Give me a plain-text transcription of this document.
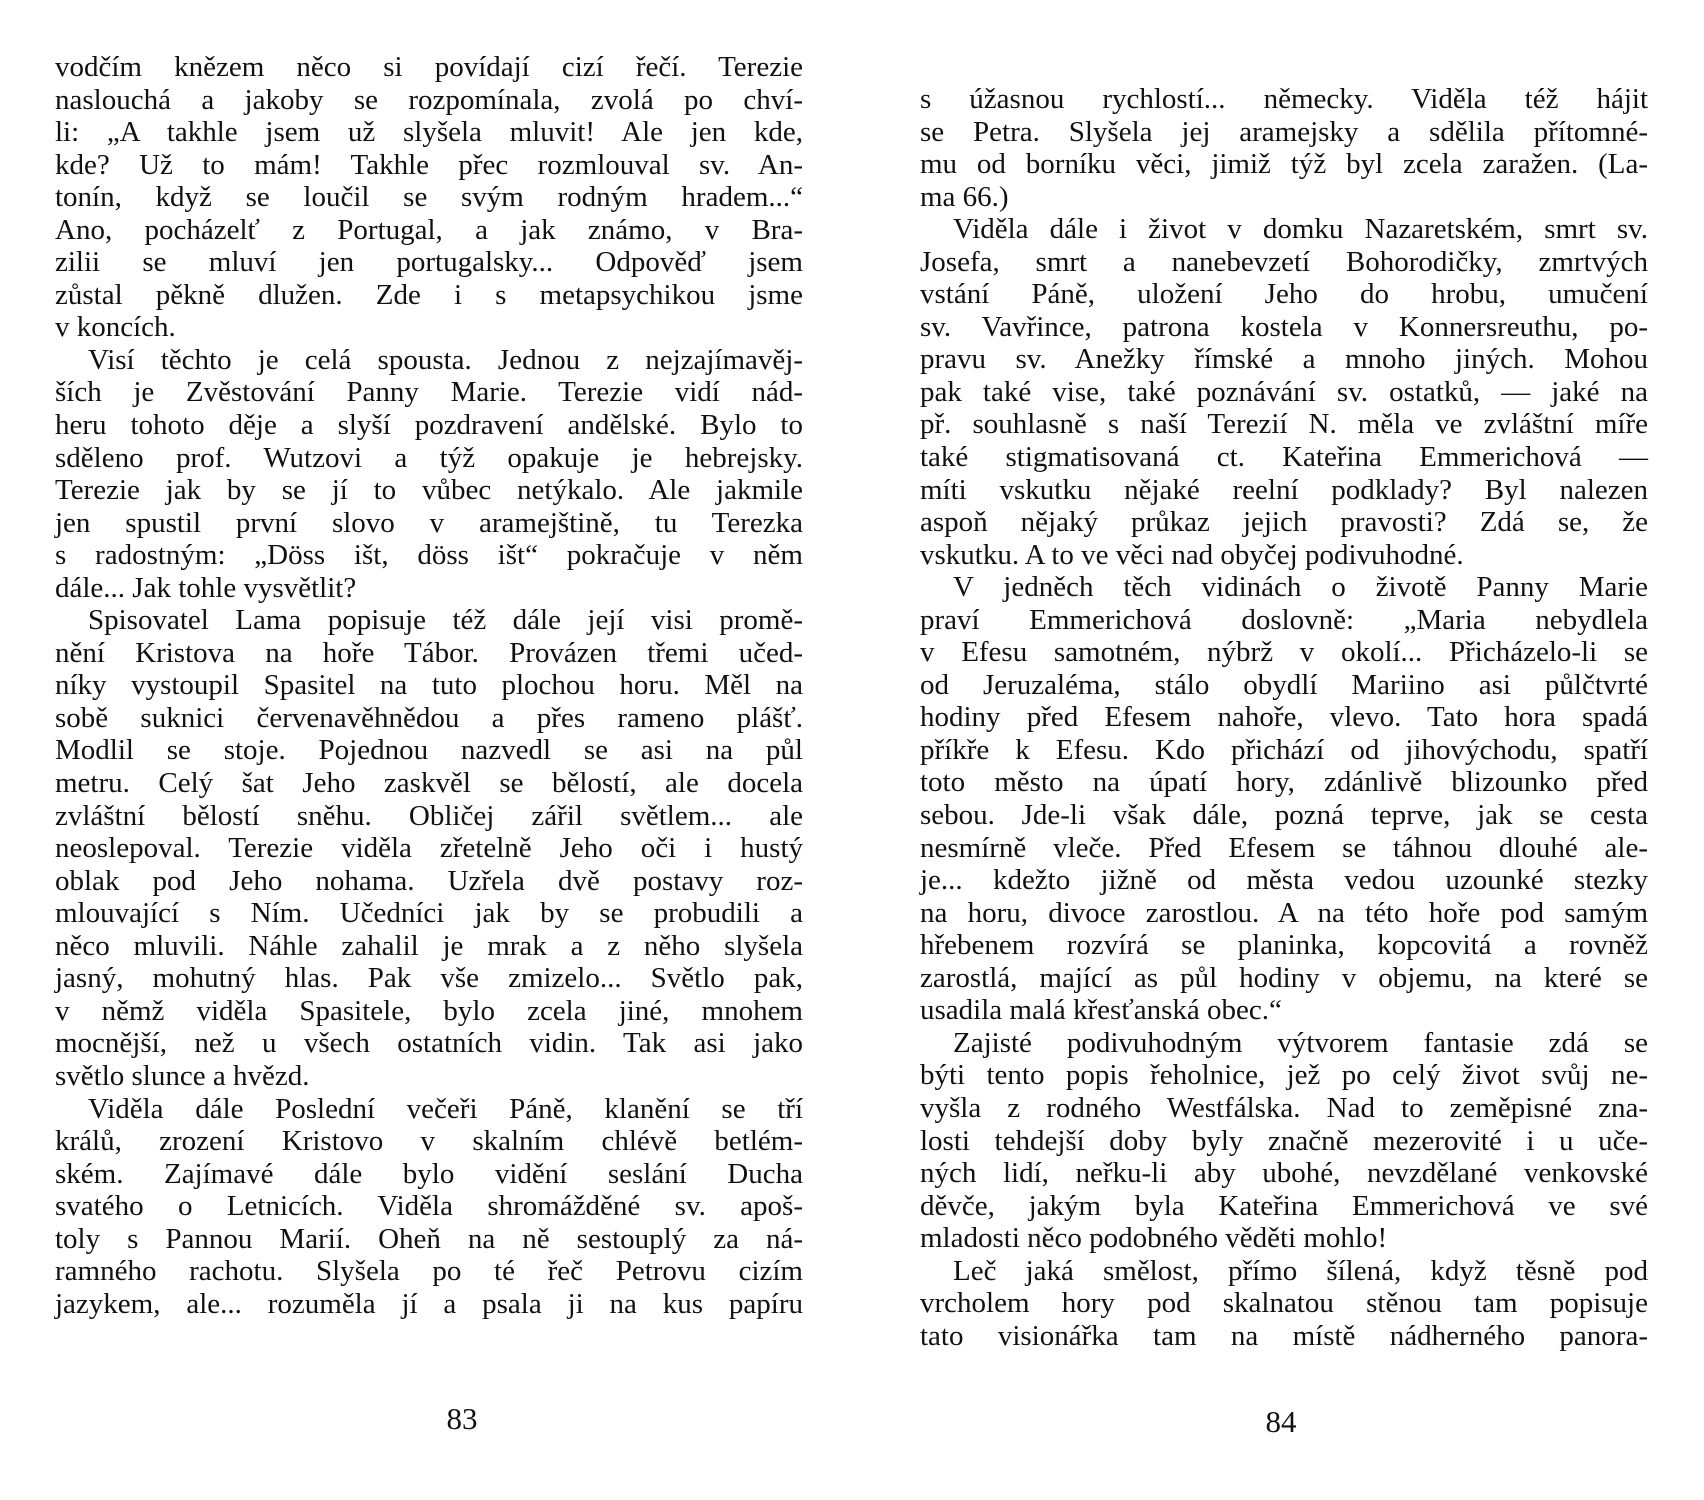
vodčím knězem něco si povídají cizí řečí. Terezie
naslouchá a jakoby se rozpomínala, zvolá po chví-
li: „A takhle jsem už slyšela mluvit! Ale jen kde,
kde? Už to mám! Takhle přec rozmlouval sv. An-
tonín, když se loučil se svým rodným hradem...“
Ano, pocházelť z Portugal, a jak známo, v Bra-
zilii se mluví jen portugalsky... Odpověď jsem
zůstal pěkně dlužen. Zde i s metapsychikou jsme
v koncích.
Visí těchto je celá spousta. Jednou z nejzajímavěj-
ších je Zvěstování Panny Marie. Terezie vidí nád-
heru tohoto děje a slyší pozdravení andělské. Bylo to
sděleno prof. Wutzovi a týž opakuje je hebrejsky.
Terezie jak by se jí to vůbec netýkalo. Ale jakmile
jen spustil první slovo v aramejštině, tu Terezka
s radostným: „Döss išt, döss išt“ pokračuje v něm
dále... Jak tohle vysvětlit?
Spisovatel Lama popisuje též dále její visi promě-
nění Kristova na hoře Tábor. Provázen třemi učed-
níky vystoupil Spasitel na tuto plochou horu. Měl na
sobě suknici červenavěhnědou a přes rameno plášť.
Modlil se stoje. Pojednou nazvedl se asi na půl
metru. Celý šat Jeho zaskvěl se bělostí, ale docela
zvláštní bělostí sněhu. Obličej zářil světlem... ale
neoslepoval. Terezie viděla zřetelně Jeho oči i hustý
oblak pod Jeho nohama. Uzřela dvě postavy roz-
mlouvající s Ním. Učedníci jak by se probudili a
něco mluvili. Náhle zahalil je mrak a z něho slyšela
jasný, mohutný hlas. Pak vše zmizelo... Světlo pak,
v němž viděla Spasitele, bylo zcela jiné, mnohem
mocnější, než u všech ostatních vidin. Tak asi jako
světlo slunce a hvězd.
Viděla dále Poslední večeři Páně, klanění se tří
králů, zrození Kristovo v skalním chlévě betlém-
ském. Zajímavé dále bylo vidění seslání Ducha
svatého o Letnicích. Viděla shromážděné sv. apoš-
toly s Pannou Marií. Oheň na ně sestouplý za ná-
ramného rachotu. Slyšela po té řeč Petrovu cizím
jazykem, ale... rozuměla jí a psala ji na kus papíru
83
s úžasnou rychlostí... německy. Viděla též hájit
se Petra. Slyšela jej aramejsky a sdělila přítomné-
mu od borníku věci, jimiž týž byl zcela zaražen. (La-
ma 66.)
Viděla dále i život v domku Nazaretském, smrt sv.
Josefa, smrt a nanebevzetí Bohorodičky, zmrtvých
vstání Páně, uložení Jeho do hrobu, umučení
sv. Vavřince, patrona kostela v Konnersreuthu, po-
pravu sv. Anežky římské a mnoho jiných. Mohou
pak také vise, také poznávání sv. ostatků, — jaké na
př. souhlasně s naší Terezií N. měla ve zvláštní míře
také stigmatisovaná ct. Kateřina Emmerichová —
míti vskutku nějaké reelní podklady? Byl nalezen
aspoň nějaký průkaz jejich pravosti? Zdá se, že
vskutku. A to ve věci nad obyčej podivuhodné.
V jedněch těch vidinách o životě Panny Marie
praví Emmerichová doslovně: „Maria nebydlela
v Efesu samotném, nýbrž v okolí... Přicházelo-li se
od Jeruzaléma, stálo obydlí Mariino asi půlčtvrté
hodiny před Efesem nahoře, vlevo. Tato hora spadá
příkře k Efesu. Kdo přichází od jihovýchodu, spatří
toto město na úpatí hory, zdánlivě blizounko před
sebou. Jde-li však dále, pozná teprve, jak se cesta
nesmírně vleče. Před Efesem se táhnou dlouhé ale-
je... kdežto jižně od města vedou uzounké stezky
na horu, divoce zarostlou. A na této hoře pod samým
hřebenem rozvírá se planinka, kopcovitá a rovněž
zarostlá, mající as půl hodiny v objemu, na které se
usadila malá křesťanská obec.“
Zajisté podivuhodným výtvorem fantasie zdá se
býti tento popis řeholnice, jež po celý život svůj ne-
vyšla z rodného Westfálska. Nad to zeměpisné zna-
losti tehdejší doby byly značně mezerovité i u uče-
ných lidí, neřku-li aby ubohé, nevzdělané venkovské
děvče, jakým byla Kateřina Emmerichová ve své
mladosti něco podobného věděti mohlo!
Leč jaká smělost, přímo šílená, když těsně pod
vrcholem hory pod skalnatou stěnou tam popisuje
tato visionářka tam na místě nádherného panora-
84
